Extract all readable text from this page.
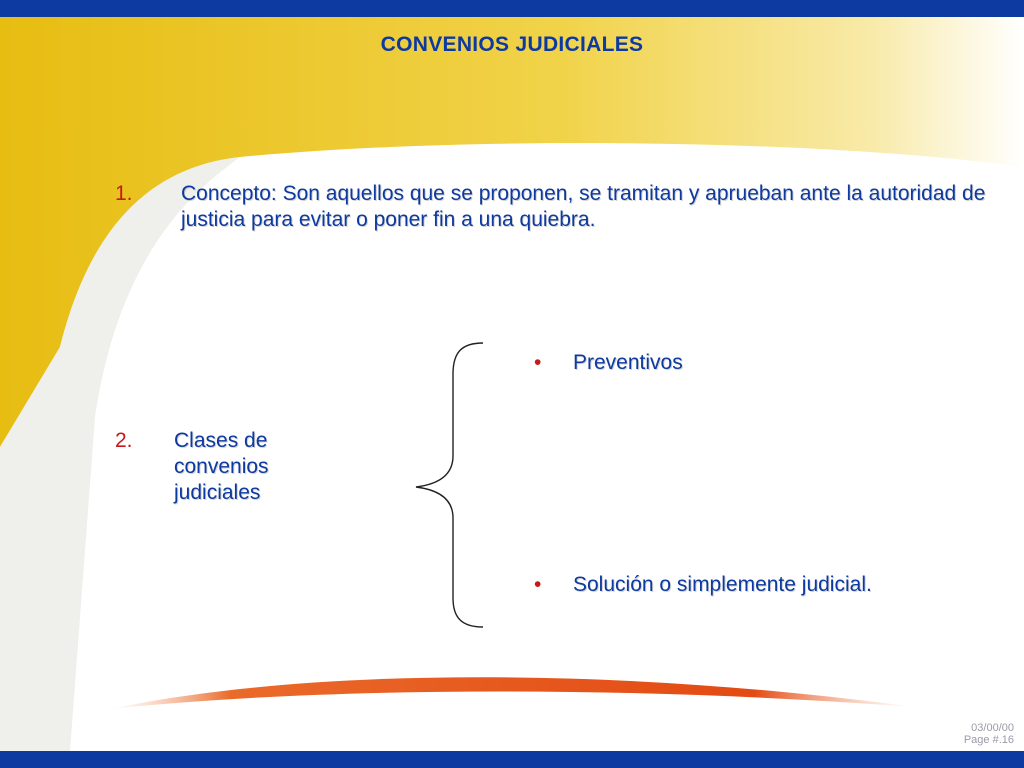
CONVENIOS JUDICIALES
1. Concepto: Son aquellos que se proponen, se tramitan y aprueban ante la autoridad de justicia para evitar o poner fin a una quiebra.
2. Clases de convenios judiciales
• Preventivos
• Solución o simplemente judicial.
03/00/00
Page #.16
